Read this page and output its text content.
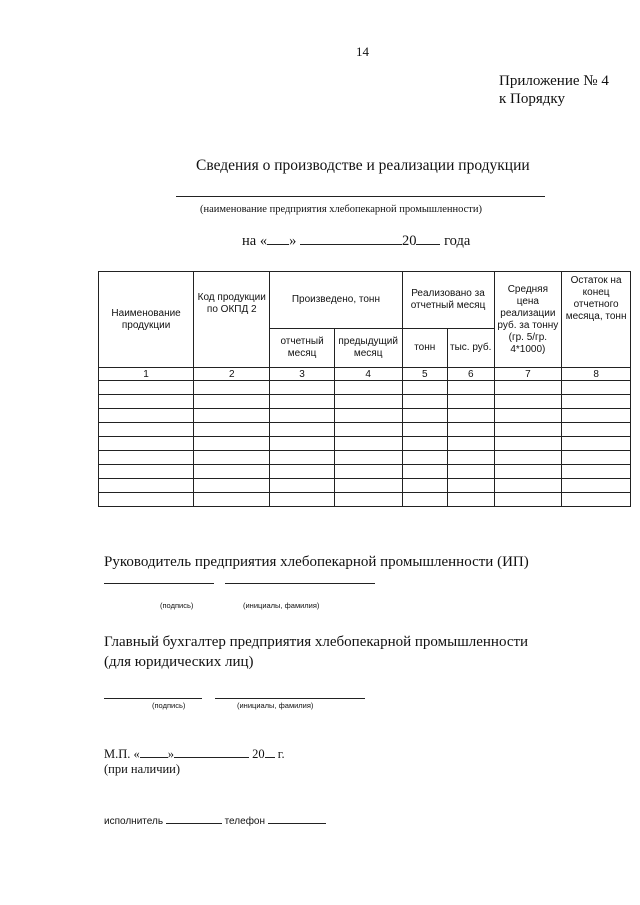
14
Приложение № 4
к Порядку
Сведения о производстве и реализации продукции
(наименование предприятия хлебопекарной промышленности)
на « »	20 года
Наименование продукции	Код продукции по ОКПД 2	Произведено, тонн		Реализовано за отчетный месяц		Средняя цена реализации руб. за тонну (гр. 5/гр. 4*1000)	Остаток на конец отчетного месяца, тонн
		отчетный месяц	предыдущий месяц	тонн	тыс. руб.		
1	2	3	4	5	6	7	8

Руководитель предприятия хлебопекарной промышленности (ИП)
(подпись)	(инициалы, фамилия)
Главный бухгалтер предприятия хлебопекарной промышленности
(для юридических лиц)
(подпись)	(инициалы, фамилия)
М.П. « »	20 г.
(при наличии)
исполнитель	телефон
